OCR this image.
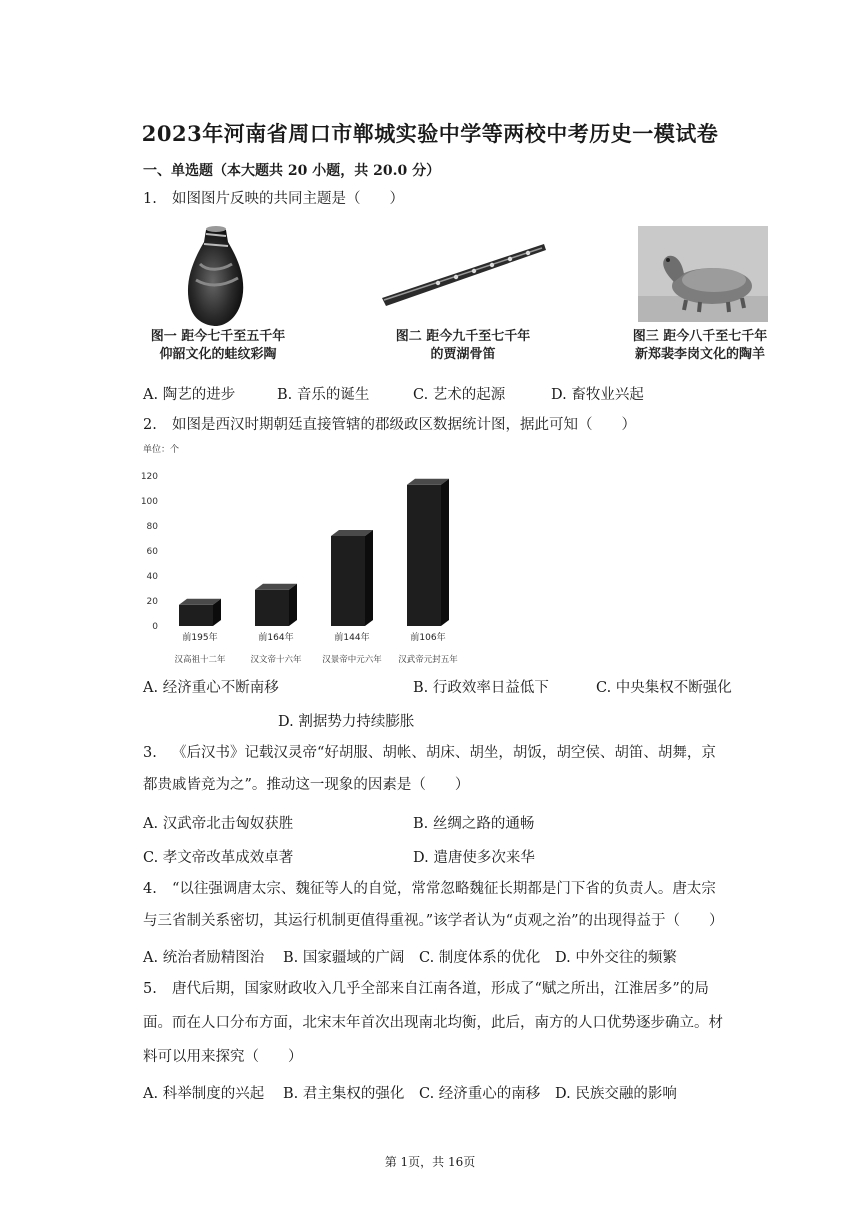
2023年河南省周口市郸城实验中学等两校中考历史一模试卷
一、单选题（本大题共 20 小题，共 20.0 分）
1. 如图图片反映的共同主题是（　　）
图一 距今七千至五千年
仰韶文化的蛙纹彩陶
图二 距今九千至七千年
的贾湖骨笛
图三 距今八千至七千年
新郑裴李岗文化的陶羊
A. 陶艺的进步	B. 音乐的诞生	C. 艺术的起源	D. 畜牧业兴起
2. 如图是西汉时期朝廷直接管辖的郡级政区数据统计图，据此可知（　　）
单位：个
0
20
40
60
80
100
120
前195年
汉高祖十二年
前164年
汉文帝十六年
前144年
汉景帝中元六年
前106年
汉武帝元封五年
A. 经济重心不断南移	B. 行政效率日益低下	C. 中央集权不断强化
D. 割据势力持续膨胀
3. 《后汉书》记载汉灵帝“好胡服、胡帐、胡床、胡坐，胡饭，胡空侯、胡笛、胡舞，京
都贵戚皆竞为之”。推动这一现象的因素是（　　）
A. 汉武帝北击匈奴获胜	B. 丝绸之路的通畅
C. 孝文帝改革成效卓著	D. 遣唐使多次来华
4. “以往强调唐太宗、魏征等人的自觉，常常忽略魏征长期都是门下省的负责人。唐太宗
与三省制关系密切，其运行机制更值得重视。”该学者认为“贞观之治”的出现得益于（　　）
A. 统治者励精图治 B. 国家疆域的广阔 C. 制度体系的优化 D. 中外交往的频繁
5. 唐代后期，国家财政收入几乎全部来自江南各道，形成了“赋之所出，江淮居多”的局
面。而在人口分布方面，北宋末年首次出现南北均衡，此后，南方的人口优势逐步确立。材
料可以用来探究（　　）
A. 科举制度的兴起 B. 君主集权的强化 C. 经济重心的南移 D. 民族交融的影响
第 1页，共 16页
